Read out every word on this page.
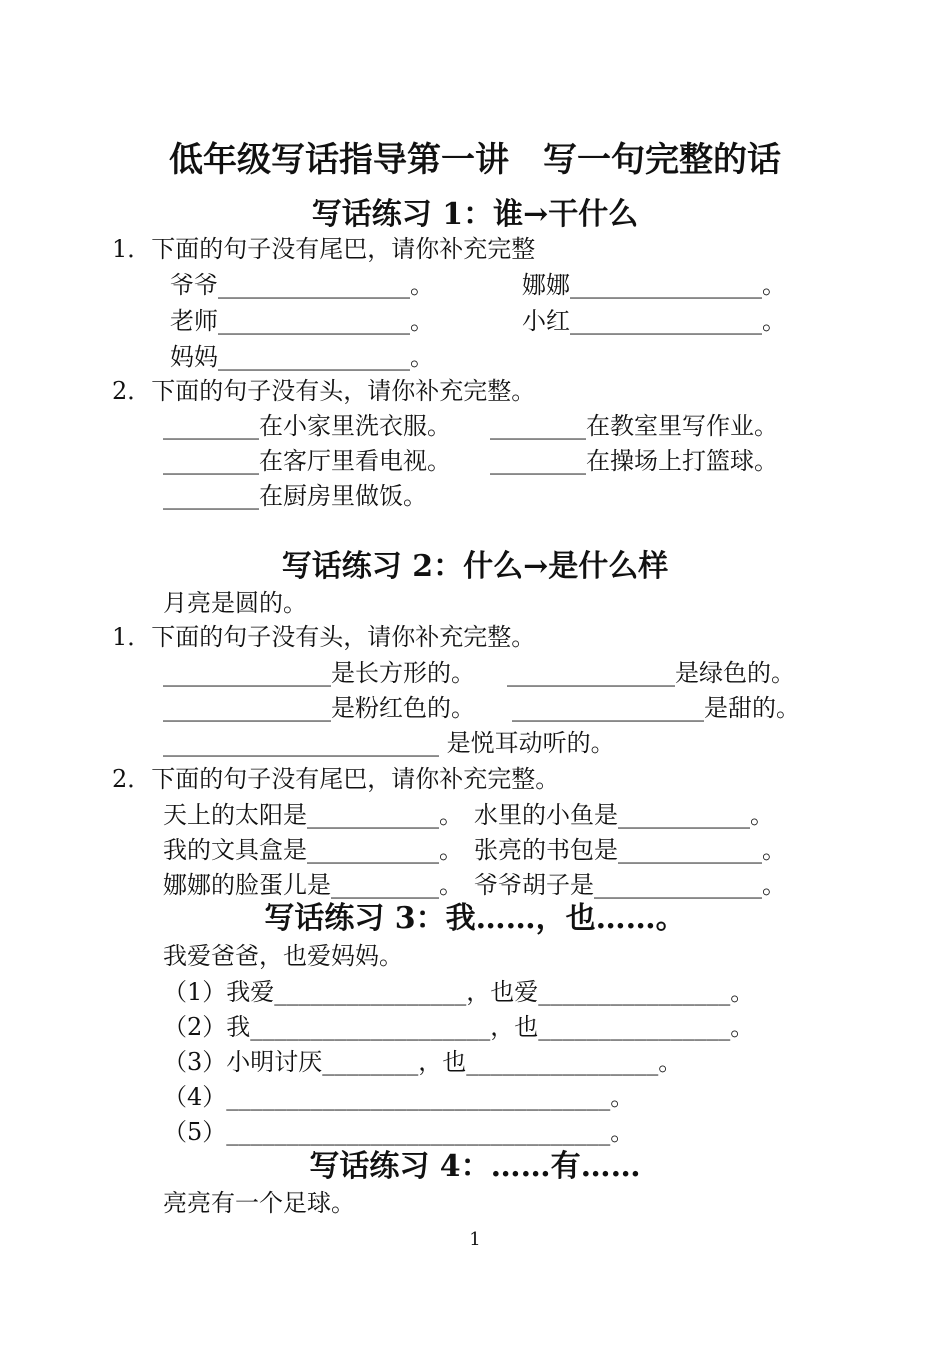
低年级写话指导第一讲　写一句完整的话
写话练习 1：谁→干什么
1．下面的句子没有尾巴，请你补充完整
爷爷________________。	娜娜________________。
老师________________。	小红________________。
妈妈________________。
2．下面的句子没有头，请你补充完整。
________在小家里洗衣服。 ________在教室里写作业。
________在客厅里看电视。 ________在操场上打篮球。
________在厨房里做饭。
写话练习 2：什么→是什么样
月亮是圆的。
1．下面的句子没有头，请你补充完整。
______________是长方形的。 ______________是绿色的。
______________是粉红色的。 ________________是甜的。
_______________________ 是悦耳动听的。
2．下面的句子没有尾巴，请你补充完整。
天上的太阳是___________。 水里的小鱼是___________。
我的文具盒是___________。 张亮的书包是____________。
娜娜的脸蛋儿是_________。 爷爷胡子是______________。
写话练习 3：我……，也……。
我爱爸爸，也爱妈妈。
（1）我爱________________，也爱________________。
（2）我____________________，也________________。
（3）小明讨厌________，也________________。
（4）________________________________。
（5）________________________________。
写话练习 4：……有……
亮亮有一个足球。
1
